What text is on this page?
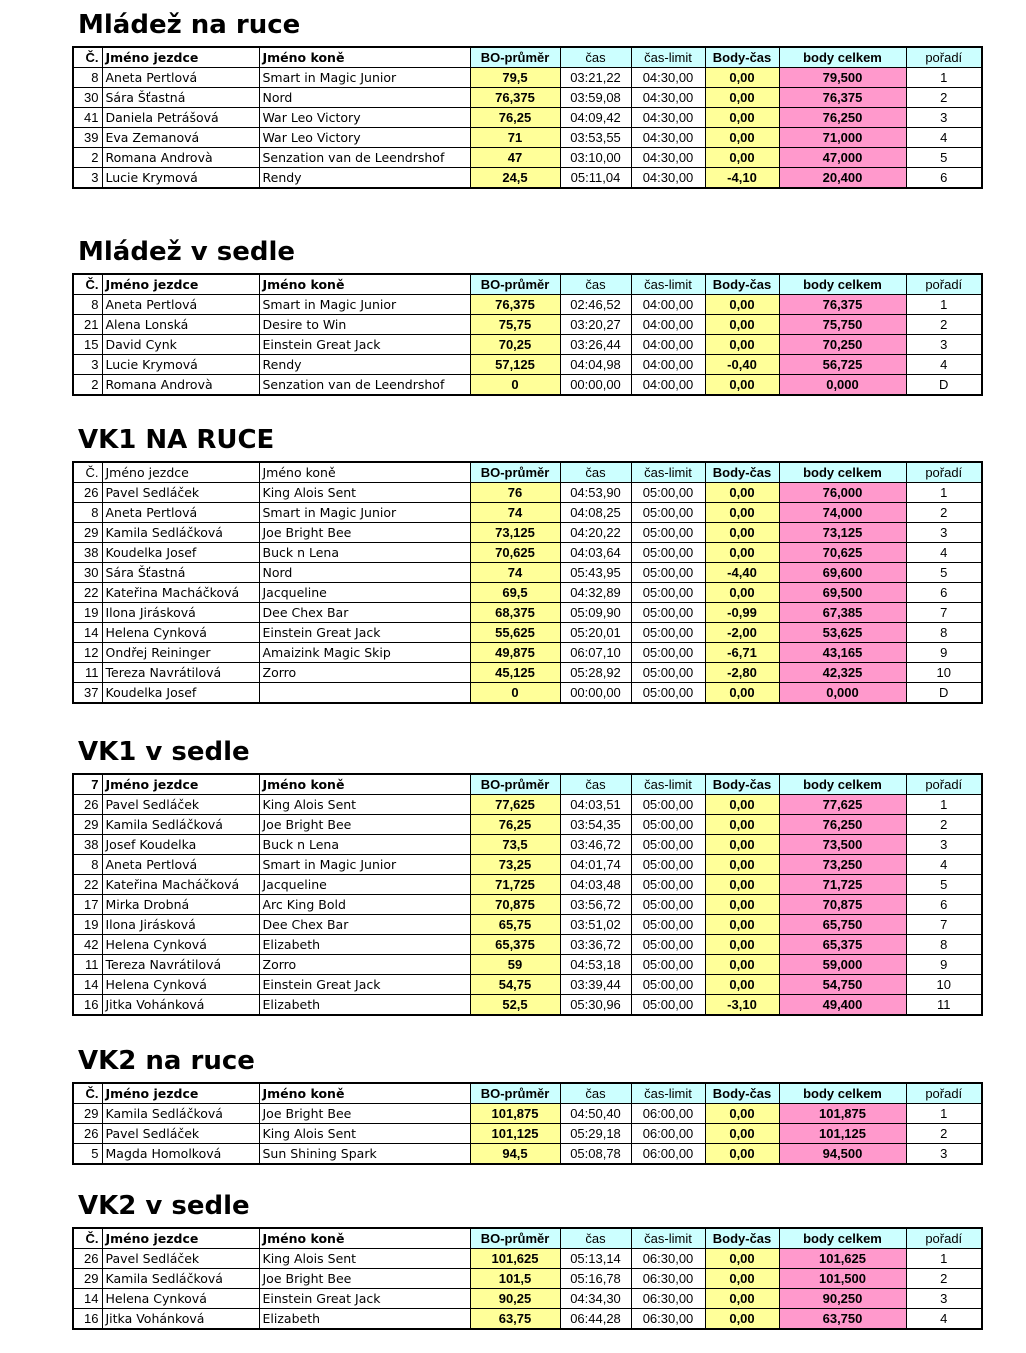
Mládež na ruce
Č.	Jméno jezdce	Jméno koně	BO-průměr	čas	čas-limit	Body-čas	body celkem	pořadí
8	Aneta Pertlová	Smart in Magic Junior	79,5	03:21,22	04:30,00	0,00	79,500	1
30	Sára Šťastná	Nord	76,375	03:59,08	04:30,00	0,00	76,375	2
41	Daniela Petrášová	War Leo Victory	76,25	04:09,42	04:30,00	0,00	76,250	3
39	Eva Zemanová	War Leo Victory	71	03:53,55	04:30,00	0,00	71,000	4
2	Romana Androvà	Senzation van de Leendrshof	47	03:10,00	04:30,00	0,00	47,000	5
3	Lucie Krymová	Rendy	24,5	05:11,04	04:30,00	-4,10	20,400	6
Mládež v sedle
Č.	Jméno jezdce	Jméno koně	BO-průměr	čas	čas-limit	Body-čas	body celkem	pořadí
8	Aneta Pertlová	Smart in Magic Junior	76,375	02:46,52	04:00,00	0,00	76,375	1
21	Alena Lonská	Desire to Win	75,75	03:20,27	04:00,00	0,00	75,750	2
15	David Cynk	Einstein Great Jack	70,25	03:26,44	04:00,00	0,00	70,250	3
3	Lucie Krymová	Rendy	57,125	04:04,98	04:00,00	-0,40	56,725	4
2	Romana Androvà	Senzation van de Leendrshof	0	00:00,00	04:00,00	0,00	0,000	D
VK1 NA RUCE
Č.	Jméno jezdce	Jméno koně	BO-průměr	čas	čas-limit	Body-čas	body celkem	pořadí
26	Pavel Sedláček	King Alois Sent	76	04:53,90	05:00,00	0,00	76,000	1
8	Aneta Pertlová	Smart in Magic Junior	74	04:08,25	05:00,00	0,00	74,000	2
29	Kamila Sedláčková	Joe Bright Bee	73,125	04:20,22	05:00,00	0,00	73,125	3
38	Koudelka Josef	Buck n Lena	70,625	04:03,64	05:00,00	0,00	70,625	4
30	Sára Šťastná	Nord	74	05:43,95	05:00,00	-4,40	69,600	5
22	Kateřina Macháčková	Jacqueline	69,5	04:32,89	05:00,00	0,00	69,500	6
19	Ilona Jirásková	Dee Chex Bar	68,375	05:09,90	05:00,00	-0,99	67,385	7
14	Helena Cynková	Einstein Great Jack	55,625	05:20,01	05:00,00	-2,00	53,625	8
12	Ondřej Reininger	Amaizink Magic Skip	49,875	06:07,10	05:00,00	-6,71	43,165	9
11	Tereza Navrátilová	Zorro	45,125	05:28,92	05:00,00	-2,80	42,325	10
37	Koudelka Josef		0	00:00,00	05:00,00	0,00	0,000	D
VK1 v sedle
7	Jméno jezdce	Jméno koně	BO-průměr	čas	čas-limit	Body-čas	body celkem	pořadí
26	Pavel Sedláček	King Alois Sent	77,625	04:03,51	05:00,00	0,00	77,625	1
29	Kamila Sedláčková	Joe Bright Bee	76,25	03:54,35	05:00,00	0,00	76,250	2
38	Josef Koudelka	Buck n Lena	73,5	03:46,72	05:00,00	0,00	73,500	3
8	Aneta Pertlová	Smart in Magic Junior	73,25	04:01,74	05:00,00	0,00	73,250	4
22	Kateřina Macháčková	Jacqueline	71,725	04:03,48	05:00,00	0,00	71,725	5
17	Mirka Drobná	Arc King Bold	70,875	03:56,72	05:00,00	0,00	70,875	6
19	Ilona Jirásková	Dee Chex Bar	65,75	03:51,02	05:00,00	0,00	65,750	7
42	Helena Cynková	Elizabeth	65,375	03:36,72	05:00,00	0,00	65,375	8
11	Tereza Navrátilová	Zorro	59	04:53,18	05:00,00	0,00	59,000	9
14	Helena Cynková	Einstein Great Jack	54,75	03:39,44	05:00,00	0,00	54,750	10
16	Jitka Vohánková	Elizabeth	52,5	05:30,96	05:00,00	-3,10	49,400	11
VK2 na ruce
Č.	Jméno jezdce	Jméno koně	BO-průměr	čas	čas-limit	Body-čas	body celkem	pořadí
29	Kamila Sedláčková	Joe Bright Bee	101,875	04:50,40	06:00,00	0,00	101,875	1
26	Pavel Sedláček	King Alois Sent	101,125	05:29,18	06:00,00	0,00	101,125	2
5	Magda Homolková	Sun Shining Spark	94,5	05:08,78	06:00,00	0,00	94,500	3
VK2 v sedle
Č.	Jméno jezdce	Jméno koně	BO-průměr	čas	čas-limit	Body-čas	body celkem	pořadí
26	Pavel Sedláček	King Alois Sent	101,625	05:13,14	06:30,00	0,00	101,625	1
29	Kamila Sedláčková	Joe Bright Bee	101,5	05:16,78	06:30,00	0,00	101,500	2
14	Helena Cynková	Einstein Great Jack	90,25	04:34,30	06:30,00	0,00	90,250	3
16	Jitka Vohánková	Elizabeth	63,75	06:44,28	06:30,00	0,00	63,750	4
